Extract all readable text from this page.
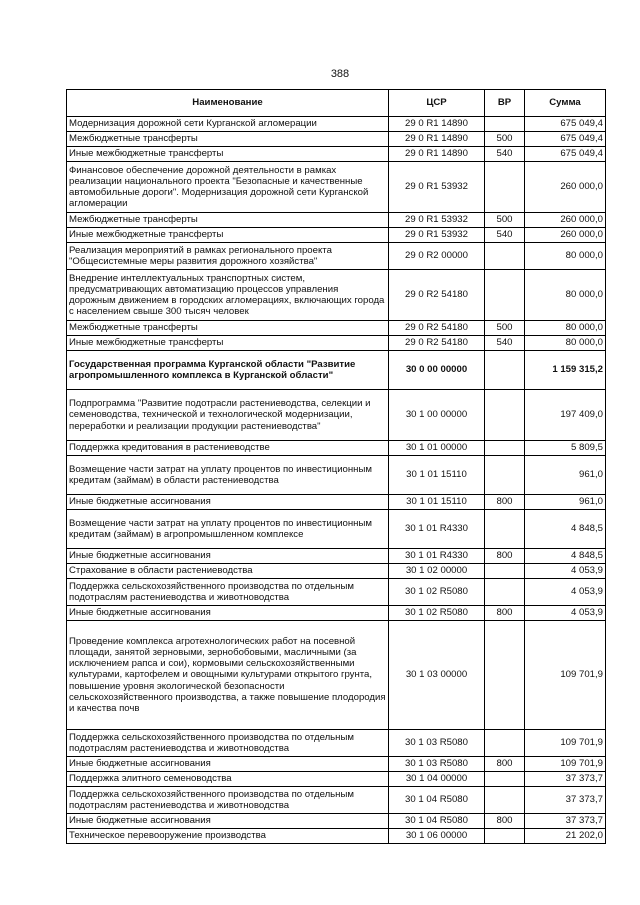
388
Наименование	ЦСР	ВР	Сумма
Модернизация дорожной сети Курганской агломерации	29 0 R1 14890		675 049,4
Межбюджетные трансферты	29 0 R1 14890	500	675 049,4
Иные межбюджетные трансферты	29 0 R1 14890	540	675 049,4
Финансовое обеспечение дорожной деятельности в рамках реализации национального проекта "Безопасные и качественные автомобильные дороги". Модернизация дорожной сети Курганской агломерации	29 0 R1 53932		260 000,0
Межбюджетные трансферты	29 0 R1 53932	500	260 000,0
Иные межбюджетные трансферты	29 0 R1 53932	540	260 000,0
Реализация мероприятий в рамках регионального проекта "Общесистемные меры развития дорожного хозяйства"	29 0 R2 00000		80 000,0
Внедрение интеллектуальных транспортных систем, предусматривающих автоматизацию процессов управления дорожным движением в городских агломерациях, включающих города с населением свыше 300 тысяч человек	29 0 R2 54180		80 000,0
Межбюджетные трансферты	29 0 R2 54180	500	80 000,0
Иные межбюджетные трансферты	29 0 R2 54180	540	80 000,0
Государственная программа Курганской области "Развитие агропромышленного комплекса в Курганской области"	30 0 00 00000		1 159 315,2
Подпрограмма "Развитие подотрасли растениеводства, селекции и семеноводства, технической и технологической модернизации, переработки и реализации продукции растениеводства"	30 1 00 00000		197 409,0
Поддержка кредитования в растениеводстве	30 1 01 00000		5 809,5
Возмещение части затрат на уплату процентов по инвестиционным кредитам (займам) в области растениеводства	30 1 01 15110		961,0
Иные бюджетные ассигнования	30 1 01 15110	800	961,0
Возмещение части затрат на уплату процентов по инвестиционным кредитам (займам) в агропромышленном комплексе	30 1 01 R4330		4 848,5
Иные бюджетные ассигнования	30 1 01 R4330	800	4 848,5
Страхование в области растениеводства	30 1 02 00000		4 053,9
Поддержка сельскохозяйственного производства по отдельным подотраслям растениеводства и животноводства	30 1 02 R5080		4 053,9
Иные бюджетные ассигнования	30 1 02 R5080	800	4 053,9
Проведение комплекса агротехнологических работ на посевной площади, занятой зерновыми, зернобобовыми, масличными (за исключением рапса и сои), кормовыми сельскохозяйственными культурами, картофелем и овощными культурами открытого грунта, повышение уровня экологической безопасности сельскохозяйственного производства, а также повышение плодородия и качества почв	30 1 03 00000		109 701,9
Поддержка сельскохозяйственного производства по отдельным подотраслям растениеводства и животноводства	30 1 03 R5080		109 701,9
Иные бюджетные ассигнования	30 1 03 R5080	800	109 701,9
Поддержка элитного семеноводства	30 1 04 00000		37 373,7
Поддержка сельскохозяйственного производства по отдельным подотраслям растениеводства и животноводства	30 1 04 R5080		37 373,7
Иные бюджетные ассигнования	30 1 04 R5080	800	37 373,7
Техническое перевооружение производства	30 1 06 00000		21 202,0
